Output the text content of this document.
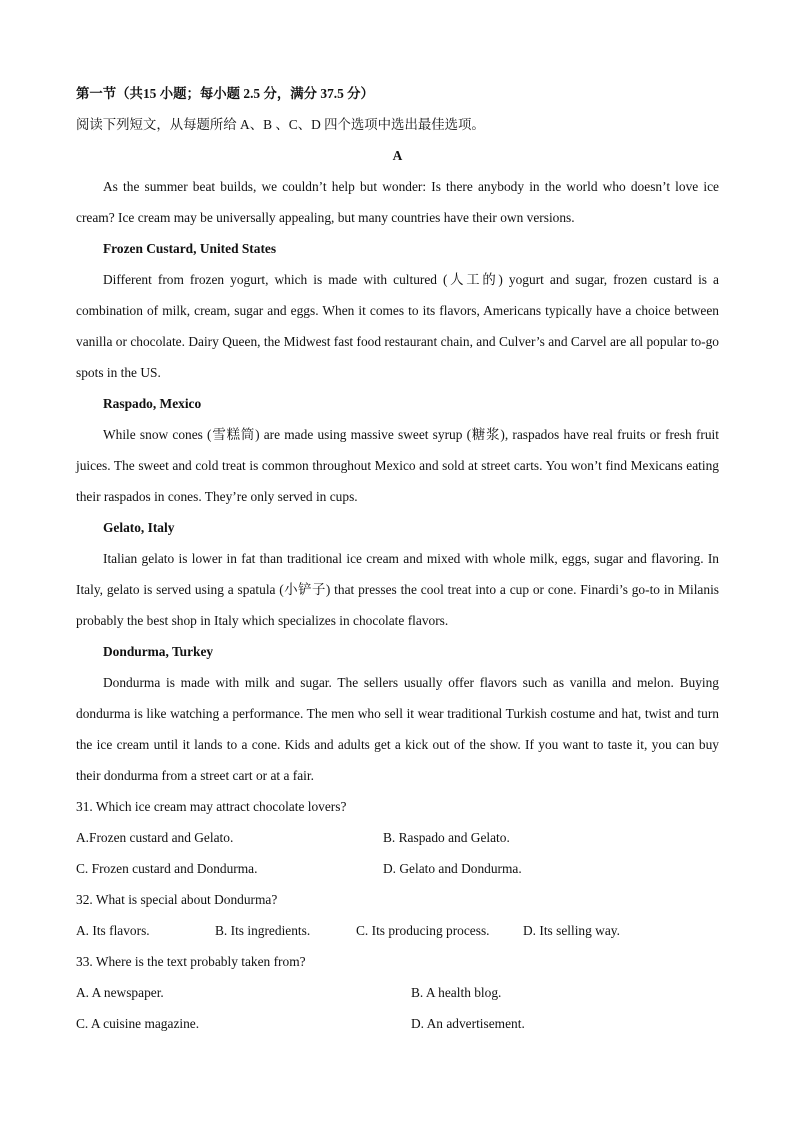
第一节（共15 小题；每小题 2.5 分，满分 37.5 分）

阅读下列短文，从每题所给 A、B 、C、D 四个选项中选出最佳选项。

A

As the summer beat builds, we couldn’t help but wonder: Is there anybody in the world who doesn’t love ice cream? Ice cream may be universally appealing, but many countries have their own versions.

Frozen Custard, United States

Different from frozen yogurt, which is made with cultured (人工的) yogurt and sugar, frozen custard is a combination of milk, cream, sugar and eggs. When it comes to its flavors, Americans typically have a choice between vanilla or chocolate. Dairy Queen, the Midwest fast food restaurant chain, and Culver’s and Carvel are all popular to-go spots in the US.

Raspado, Mexico

While snow cones (雪糕筒) are made using massive sweet syrup (糖浆), raspados have real fruits or fresh fruit juices. The sweet and cold treat is common throughout Mexico and sold at street carts. You won’t find Mexicans eating their raspados in cones. They’re only served in cups.

Gelato, Italy

Italian gelato is lower in fat than traditional ice cream and mixed with whole milk, eggs, sugar and flavoring. In Italy, gelato is served using a spatula (小铲子) that presses the cool treat into a cup or cone. Finardi’s go-to in Milanis probably the best shop in Italy which specializes in chocolate flavors.

Dondurma, Turkey

Dondurma is made with milk and sugar. The sellers usually offer flavors such as vanilla and melon. Buying dondurma is like watching a performance. The men who sell it wear traditional Turkish costume and hat, twist and turn the ice cream until it lands to a cone. Kids and adults get a kick out of the show. If you want to taste it, you can buy their dondurma from a street cart or at a fair.

31. Which ice cream may attract chocolate lovers?

A.Frozen custard and Gelato.	B. Raspado and Gelato.
C. Frozen custard and Dondurma.	D. Gelato and Dondurma.

32. What is special about Dondurma?

A. Its flavors.	B. Its ingredients.	C. Its producing process. D. Its selling way.

33. Where is the text probably taken from?

A. A newspaper.	B. A health blog.
C. A cuisine magazine.	D. An advertisement.
